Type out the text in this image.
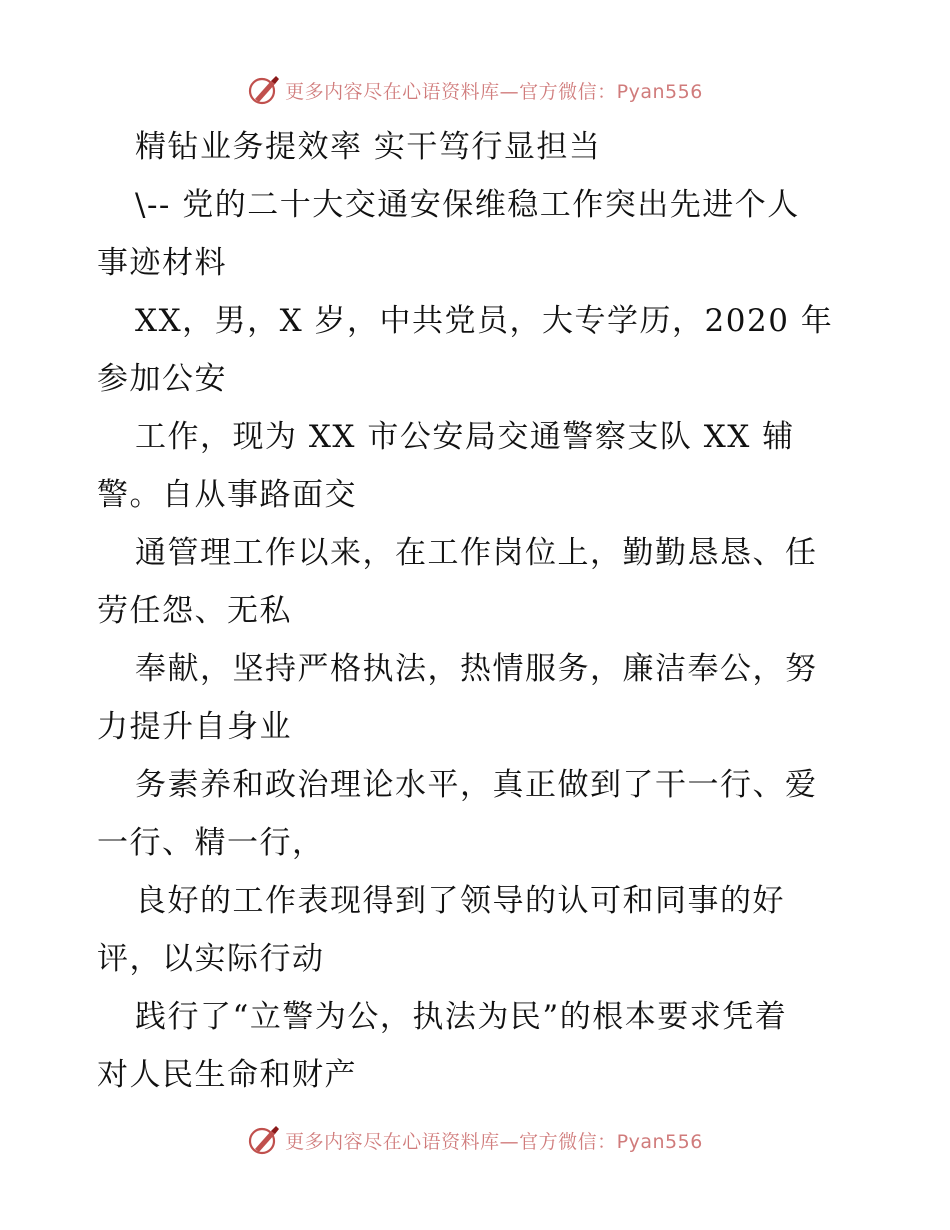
更多内容尽在心语资料库—官方微信：Pyan556
精钻业务提效率 实干笃行显担当
\-- 党的二十大交通安保维稳工作突出先进个人
事迹材料
XX，男，X 岁，中共党员，大专学历，2020 年
参加公安
工作，现为 XX 市公安局交通警察支队 XX 辅
警。自从事路面交
通管理工作以来，在工作岗位上，勤勤恳恳、任
劳任怨、无私
奉献，坚持严格执法，热情服务，廉洁奉公，努
力提升自身业
务素养和政治理论水平，真正做到了干一行、爱
一行、精一行，
良好的工作表现得到了领导的认可和同事的好
评，以实际行动
践行了“立警为公，执法为民”的根本要求凭着
对人民生命和财产
更多内容尽在心语资料库—官方微信：Pyan556
